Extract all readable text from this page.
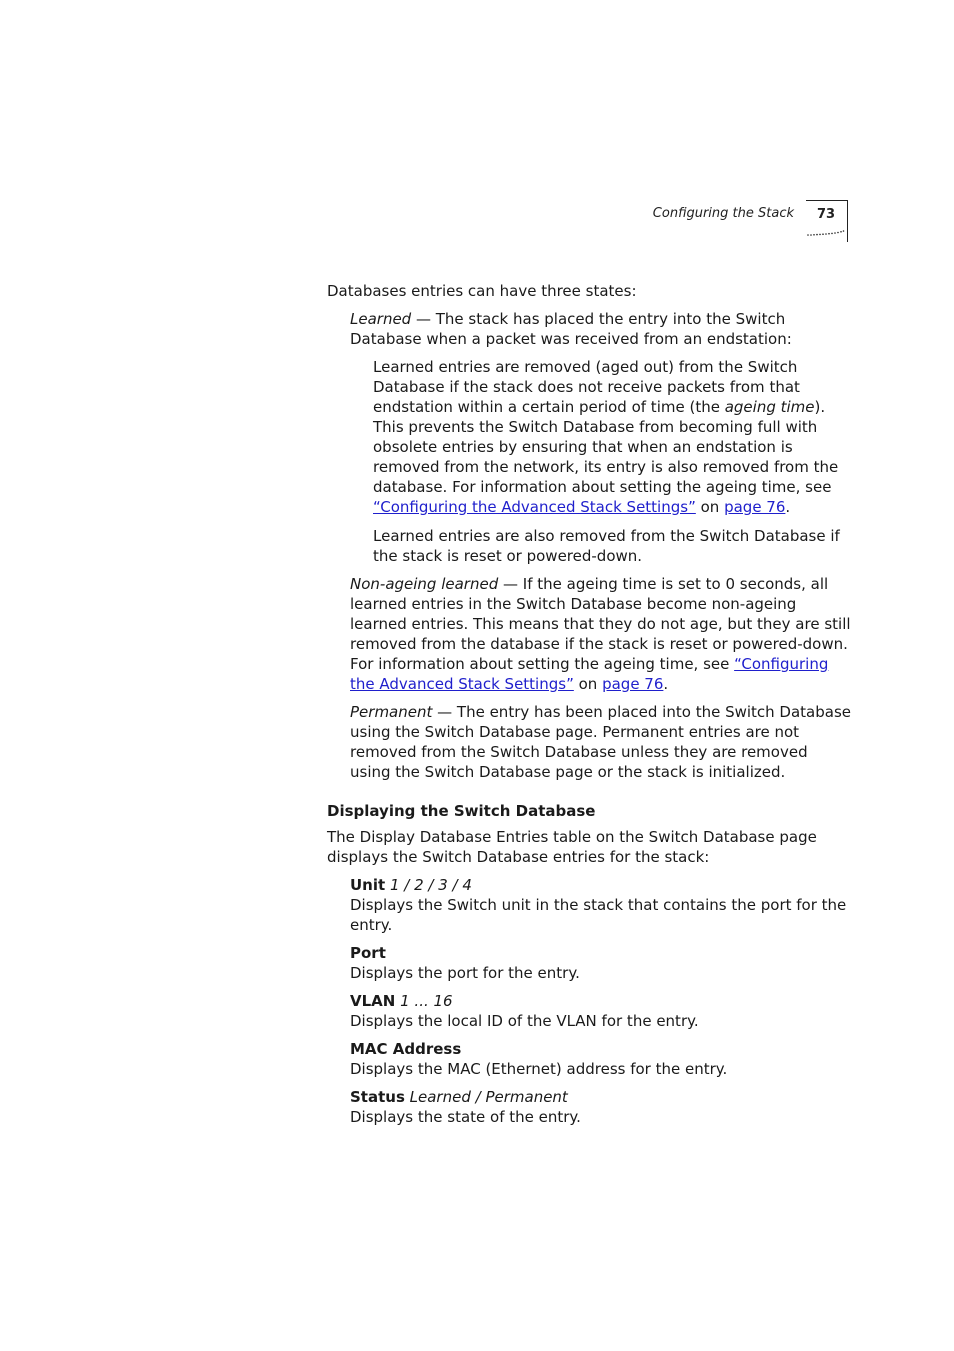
Configuring the Stack	73

Databases entries can have three states:

Learned — The stack has placed the entry into the Switch Database when a packet was received from an endstation:

Learned entries are removed (aged out) from the Switch Database if the stack does not receive packets from that endstation within a certain period of time (the ageing time). This prevents the Switch Database from becoming full with obsolete entries by ensuring that when an endstation is removed from the network, its entry is also removed from the database. For information about setting the ageing time, see “Configuring the Advanced Stack Settings” on page 76.

Learned entries are also removed from the Switch Database if the stack is reset or powered-down.

Non-ageing learned — If the ageing time is set to 0 seconds, all learned entries in the Switch Database become non-ageing learned entries. This means that they do not age, but they are still removed from the database if the stack is reset or powered-down. For information about setting the ageing time, see “Configuring the Advanced Stack Settings” on page 76.

Permanent — The entry has been placed into the Switch Database using the Switch Database page. Permanent entries are not removed from the Switch Database unless they are removed using the Switch Database page or the stack is initialized.

Displaying the Switch Database

The Display Database Entries table on the Switch Database page displays the Switch Database entries for the stack:

Unit 1 / 2 / 3 / 4
Displays the Switch unit in the stack that contains the port for the entry.
Port
Displays the port for the entry.
VLAN 1 ... 16
Displays the local ID of the VLAN for the entry.
MAC Address
Displays the MAC (Ethernet) address for the entry.
Status Learned / Permanent
Displays the state of the entry.
